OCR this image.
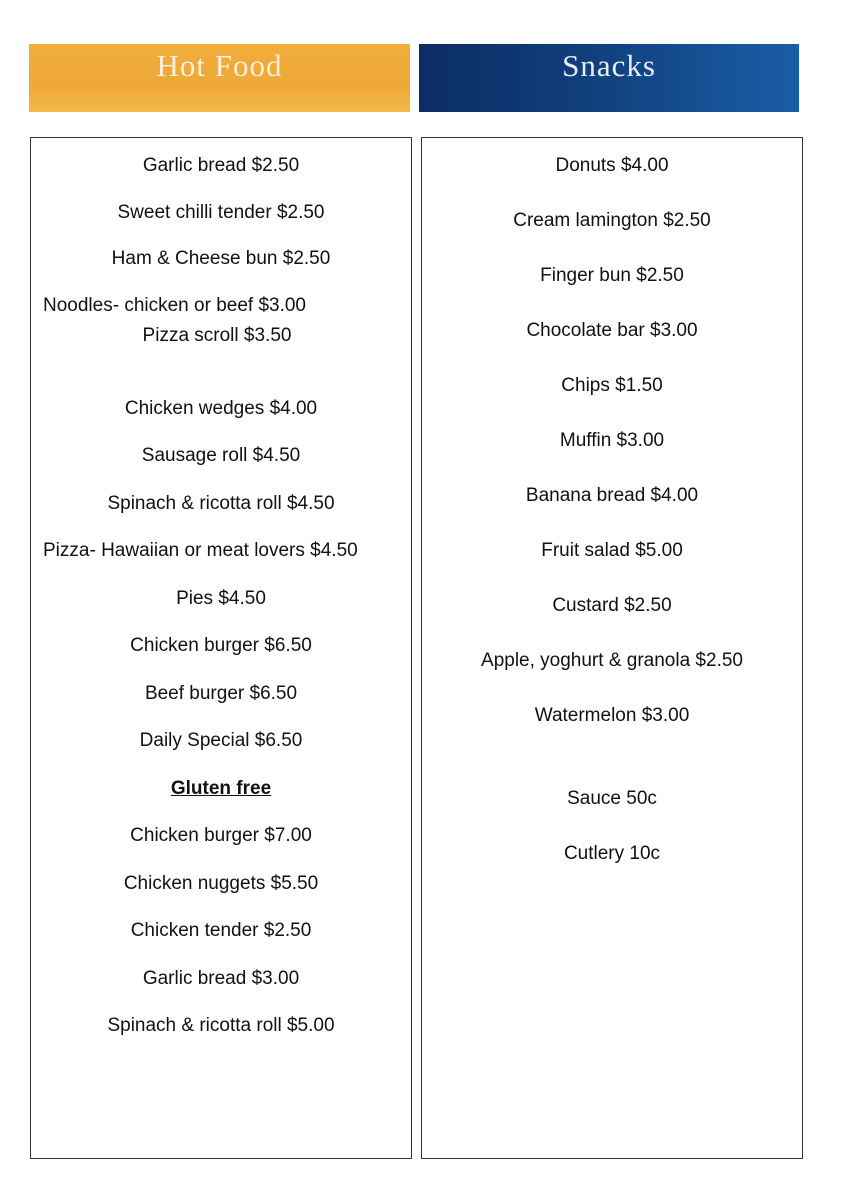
Hot Food	Snacks
Garlic bread $2.50
Sweet chilli tender $2.50
Ham & Cheese bun $2.50
Noodles- chicken or beef $3.00
Pizza scroll $3.50
Chicken wedges $4.00
Sausage roll $4.50
Spinach & ricotta roll $4.50
Pizza- Hawaiian or meat lovers $4.50
Pies $4.50
Chicken burger $6.50
Beef burger $6.50
Daily Special $6.50
Gluten free
Chicken burger $7.00
Chicken nuggets $5.50
Chicken tender $2.50
Garlic bread $3.00
Spinach & ricotta roll $5.00
Donuts $4.00
Cream lamington $2.50
Finger bun $2.50
Chocolate bar $3.00
Chips $1.50
Muffin $3.00
Banana bread $4.00
Fruit salad $5.00
Custard $2.50
Apple, yoghurt & granola $2.50
Watermelon $3.00
Sauce 50c
Cutlery 10c
